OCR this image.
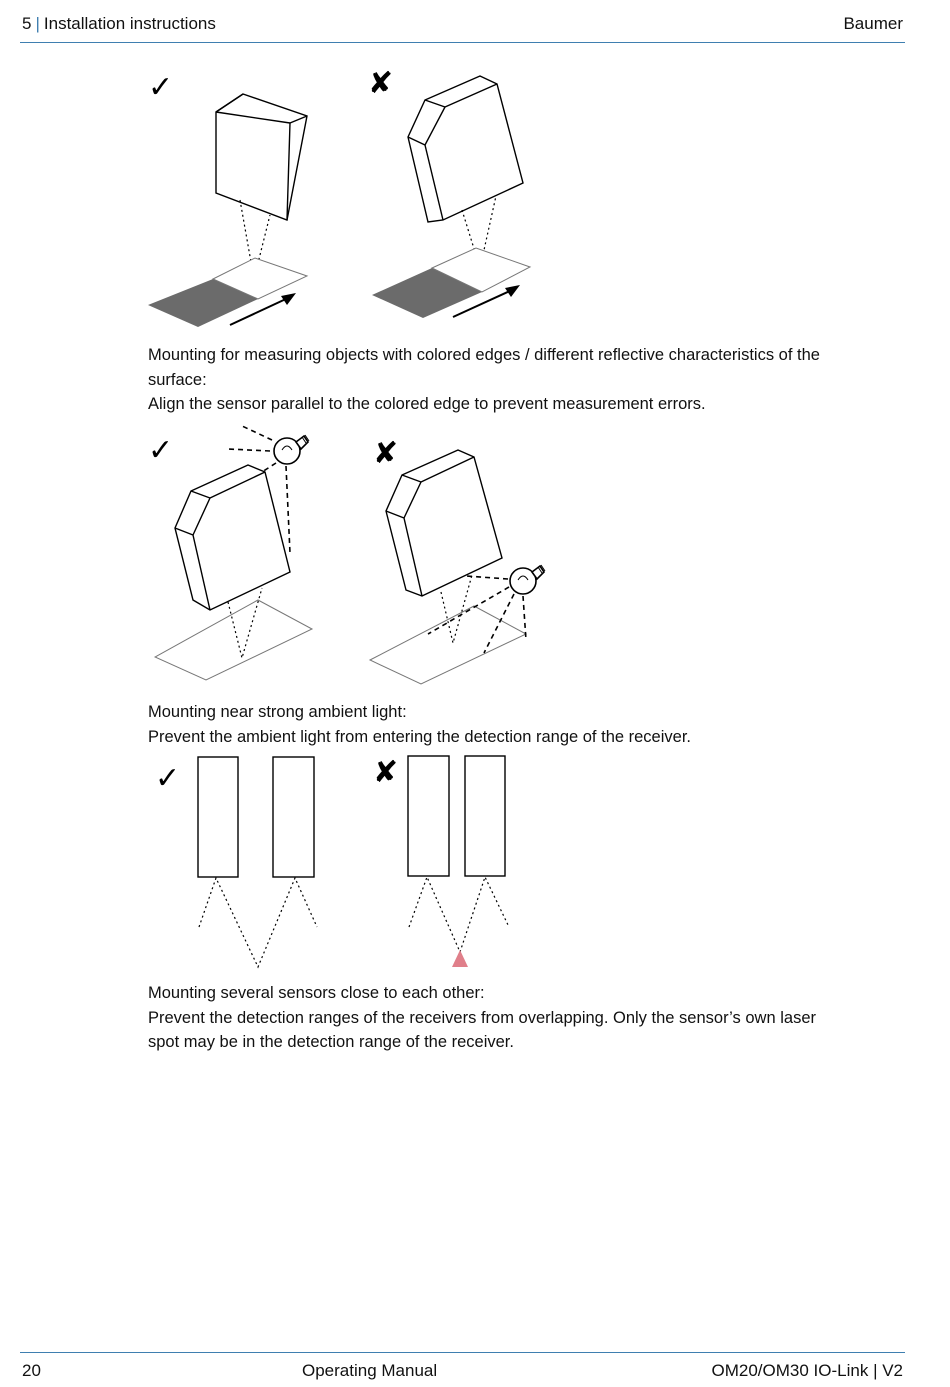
5 | Installation instructions	Baumer
✓	✘
Mounting for measuring objects with colored edges / different reflective characteristics of the
surface:
Align the sensor parallel to the colored edge to prevent measurement errors.
✓	✘
Mounting near strong ambient light:
Prevent the ambient light from entering the detection range of the receiver.
✓	✘
Mounting several sensors close to each other:
Prevent the detection ranges of the receivers from overlapping. Only the sensor’s own laser
spot may be in the detection range of the receiver.
20	Operating Manual	OM20/OM30 IO-Link | V2
